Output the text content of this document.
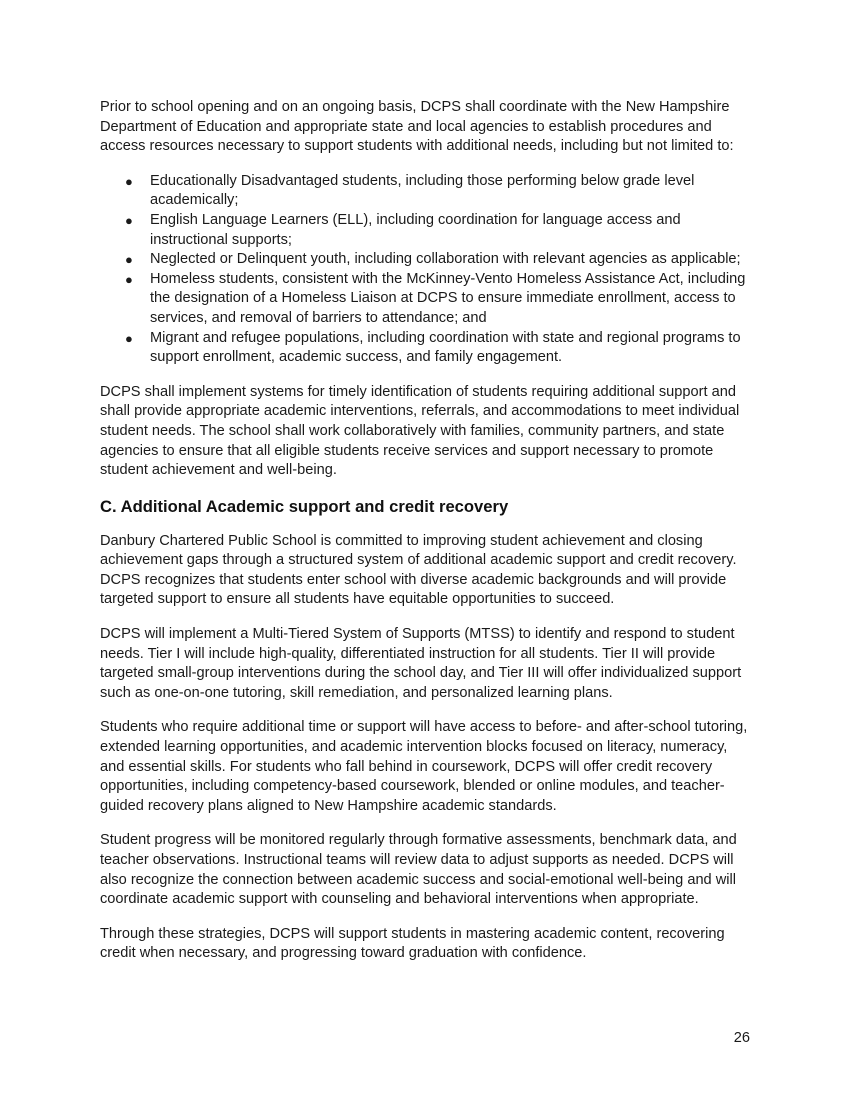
Prior to school opening and on an ongoing basis, DCPS shall coordinate with the New Hampshire Department of Education and appropriate state and local agencies to establish procedures and access resources necessary to support students with additional needs, including but not limited to:

● Educationally Disadvantaged students, including those performing below grade level academically;
● English Language Learners (ELL), including coordination for language access and instructional supports;
● Neglected or Delinquent youth, including collaboration with relevant agencies as applicable;
● Homeless students, consistent with the McKinney-Vento Homeless Assistance Act, including the designation of a Homeless Liaison at DCPS to ensure immediate enrollment, access to services, and removal of barriers to attendance; and
● Migrant and refugee populations, including coordination with state and regional programs to support enrollment, academic success, and family engagement.

DCPS shall implement systems for timely identification of students requiring additional support and shall provide appropriate academic interventions, referrals, and accommodations to meet individual student needs. The school shall work collaboratively with families, community partners, and state agencies to ensure that all eligible students receive services and support necessary to promote student achievement and well-being.

C. Additional Academic support and credit recovery

Danbury Chartered Public School is committed to improving student achievement and closing achievement gaps through a structured system of additional academic support and credit recovery. DCPS recognizes that students enter school with diverse academic backgrounds and will provide targeted support to ensure all students have equitable opportunities to succeed.

DCPS will implement a Multi-Tiered System of Supports (MTSS) to identify and respond to student needs. Tier I will include high-quality, differentiated instruction for all students. Tier II will provide targeted small-group interventions during the school day, and Tier III will offer individualized support such as one-on-one tutoring, skill remediation, and personalized learning plans.

Students who require additional time or support will have access to before- and after-school tutoring, extended learning opportunities, and academic intervention blocks focused on literacy, numeracy, and essential skills. For students who fall behind in coursework, DCPS will offer credit recovery opportunities, including competency-based coursework, blended or online modules, and teacher-guided recovery plans aligned to New Hampshire academic standards.

Student progress will be monitored regularly through formative assessments, benchmark data, and teacher observations. Instructional teams will review data to adjust supports as needed. DCPS will also recognize the connection between academic success and social-emotional well-being and will coordinate academic support with counseling and behavioral interventions when appropriate.

Through these strategies, DCPS will support students in mastering academic content, recovering credit when necessary, and progressing toward graduation with confidence.

26
